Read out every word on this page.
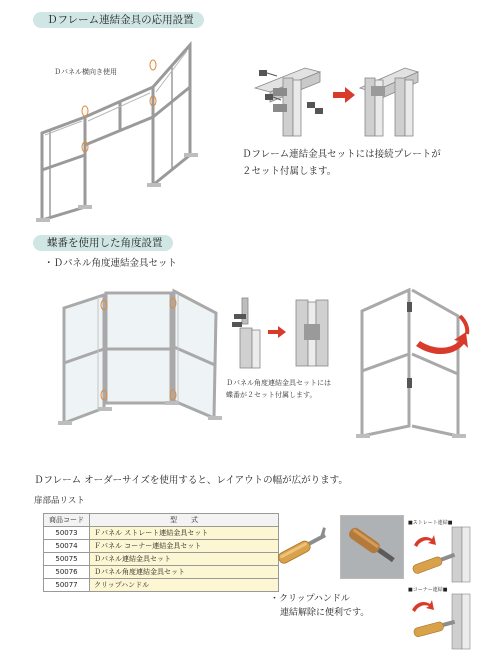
Ｄフレーム連結金具の応用設置
Ｄパネル横向き使用
Ｄフレーム連結金具セットには接続プレートが
２セット付属します。
蝶番を使用した角度設置
・Ｄパネル角度連結金具セット
Ｄパネル角度連結金具セットには
蝶番が２セット付属します。
Ｄフレーム オーダーサイズを使用すると、レイアウトの幅が広がります。
扉部品リスト
商品コード	型　　式
50073	Ｆパネル ストレート連結金具セット
50074	Ｆパネル コーナー連結金具セット
50075	Ｄパネル連結金具セット
50076	Ｄパネル角度連結金具セット
50077	クリップハンドル
・クリップハンドル
連結解除に便利です。
■ストレート連結■
■コーナー連結■
